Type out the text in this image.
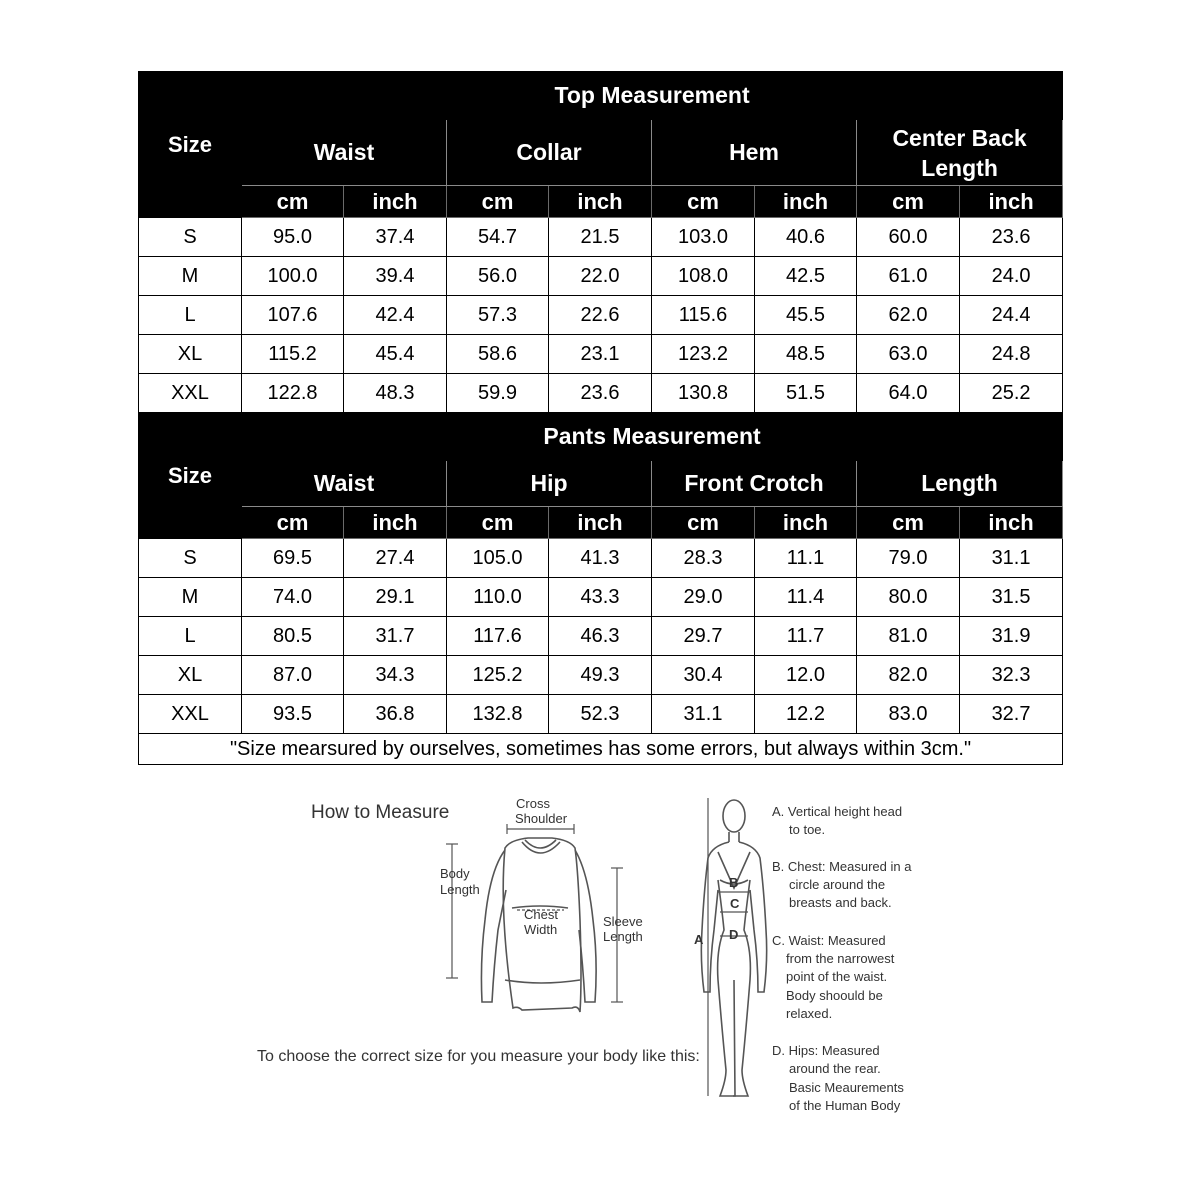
Size	Top Measurement							
	Waist		Collar		Hem		Center Back Length	
	cm	inch	cm	inch	cm	inch	cm	inch
S	95.0	37.4	54.7	21.5	103.0	40.6	60.0	23.6
M	100.0	39.4	56.0	22.0	108.0	42.5	61.0	24.0
L	107.6	42.4	57.3	22.6	115.6	45.5	62.0	24.4
XL	115.2	45.4	58.6	23.1	123.2	48.5	63.0	24.8
XXL	122.8	48.3	59.9	23.6	130.8	51.5	64.0	25.2
Size	Pants Measurement							
	Waist		Hip		Front Crotch		Length	
	cm	inch	cm	inch	cm	inch	cm	inch
S	69.5	27.4	105.0	41.3	28.3	11.1	79.0	31.1
M	74.0	29.1	110.0	43.3	29.0	11.4	80.0	31.5
L	80.5	31.7	117.6	46.3	29.7	11.7	81.0	31.9
XL	87.0	34.3	125.2	49.3	30.4	12.0	82.0	32.3
XXL	93.5	36.8	132.8	52.3	31.1	12.2	83.0	32.7
"Size mearsured by ourselves, sometimes has some errors, but always within 3cm."								
How to Measure
To choose the correct size for you measure your body like this:
Cross
Shoulder
Body
Length
Chest
Width
Sleeve
Length	A
B
C
D
A. Vertical height head
to toe.
B. Chest: Measured in a
circle around the
breasts and back.
C. Waist: Measured
from the narrowest
point of the waist.
Body shoould be
relaxed.
D. Hips: Measured
around the rear.
Basic Meaurements
of the Human Body
